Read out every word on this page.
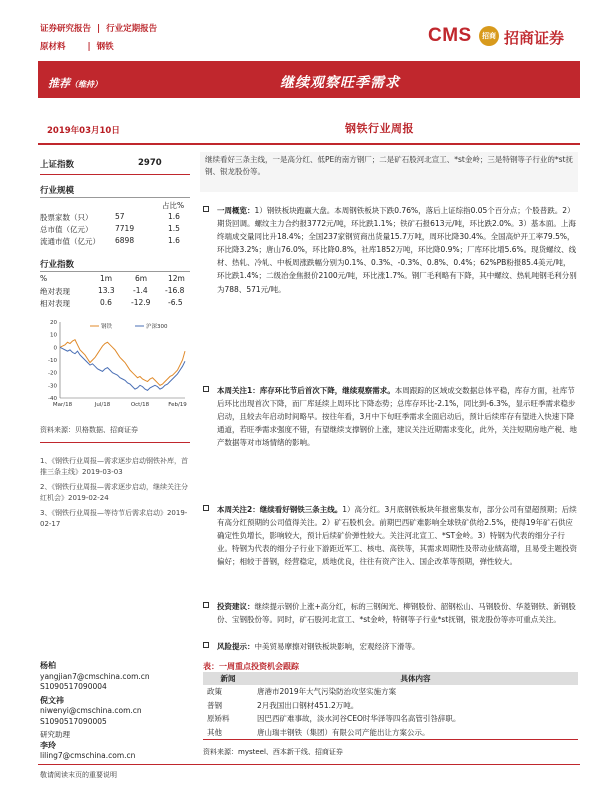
证券研究报告 | 行业定期报告
原材料	| 钢铁
CMS	招商 招商证券
推荐（维持）	继续观察旺季需求
2019年03月10日	钢铁行业周报
上证指数	2970
行业规模
占比%
股票家数（只）	57	1.6
总市值（亿元）	7719	1.5
流通市值（亿元） 6898	1.6
行业指数
%	1m	6m	12m
绝对表现	13.3 -1.4 -16.8
相对表现	0.6	-12.9 -6.5
20
10
0
-10
-20
-30
-40
Mar/18	Jul/18	Oct/18	Feb/19
钢铁	沪深300
资料来源：贝格数据、招商证券
1、《钢铁行业周报—需求逐步启动钢铁补库，首推三条主线》2019-03-03
2、《钢铁行业周报—需求逐步启动，继续关注分红机会》2019-02-24
3、《钢铁行业周报—等待节后需求启动》2019-02-17
杨柏
yangjian7@cmschina.com.cn
S1090517090004
倪文祎
niwenyi@cmschina.com.cn
S1090517090005
研究助理
李玲
liling7@cmschina.com.cn
继续看好三条主线，一是高分红、低PE的南方钢厂；二是矿石股河北宣工、*st金岭；三是特钢等子行业的*st抚钢、银龙股份等。
一周概览：1）钢铁板块跑赢大盘。本周钢铁板块下跌0.76%，落后上证综指0.05个百分点；个股普跌。2）期货回调。螺纹主力合约报3772元/吨，环比跌1.1%；铁矿石报613元/吨，环比跌2.0%。3）基本面。上海终端成交量同比升18.4%；全国237家钢贸商出货量15.7万吨，周环比降30.4%。全国高炉开工率79.5%，环比降3.2%；唐山76.0%，环比降0.8%，社库1852万吨，环比降0.9%；厂库环比增5.6%。现货螺纹、线材、热轧、冷轧、中板周涨跌幅分别为0.1%、0.3%、-0.3%、0.8%、0.4%；62%PB粉报85.4美元/吨，环比跌1.4%；二级冶金焦报价2100元/吨，环比涨1.7%。钢厂毛利略有下降，其中螺纹、热轧吨钢毛利分别为788、571元/吨。
本周关注1：库存环比节后首次下降，继续观察需求。本周跟踪的区域成交数据总体平稳，库存方面，社库节后环比出现首次下降，而厂库延续上周环比下降态势；总库存环比-2.1%，同比到-6.3%，显示旺季需求稳步启动，且较去年启动时间略早。按往年看，3月中下旬旺季需求全面启动后，预计后续库存有望进入快速下降通道，若旺季需求强度不错，有望继续支撑钢价上涨，建议关注近期需求变化，此外，关注短期房地产税、地产数据等对市场情绪的影响。
本周关注2：继续看好钢铁三条主线。1）高分红。3月底钢铁板块年报密集发布，部分公司有望超预期；后续有高分红预期的公司值得关注。2）矿石股机会。前期巴西矿难影响全球铁矿供给2.5%，使得19年矿石供应确定性负增长，影响较大，预计后续矿价弹性较大。关注河北宣工、*ST金岭。3）特钢为代表的细分子行业。特钢为代表的细分子行业下游距近军工、核电、高铁等，其需求周期性及带动业绩高增，且易受主题投资偏好；相较于普钢，经营稳定，质地优良，往往有资产注入、国企改革等预期，弹性较大。
投资建议：继续提示钢价上涨+高分红，标的三钢闽光、柳钢股份、韶钢松山、马钢股份、华菱钢铁、新钢股份、宝钢股份等。同时，矿石股河北宣工、*st金岭，特钢等子行业*st抚钢，银龙股份等亦可重点关注。
风险提示：中美贸易摩擦对钢铁板块影响，宏观经济下滑等。
表：一周重点投资机会跟踪
新闻	具体内容
政策	唐港市2019年大气污染防治攻坚实施方案
普钢	2月我国出口钢材451.2万吨。
原矫料	因巴西矿难事故，淡水河谷CEO时华泽等四名高管引咎辞职。
其他	唐山瑞丰钢铁（集团）有限公司产能出让方案公示。
资料来源：mysteel、西本新干线、招商证券
敬请阅读末页的重要说明
